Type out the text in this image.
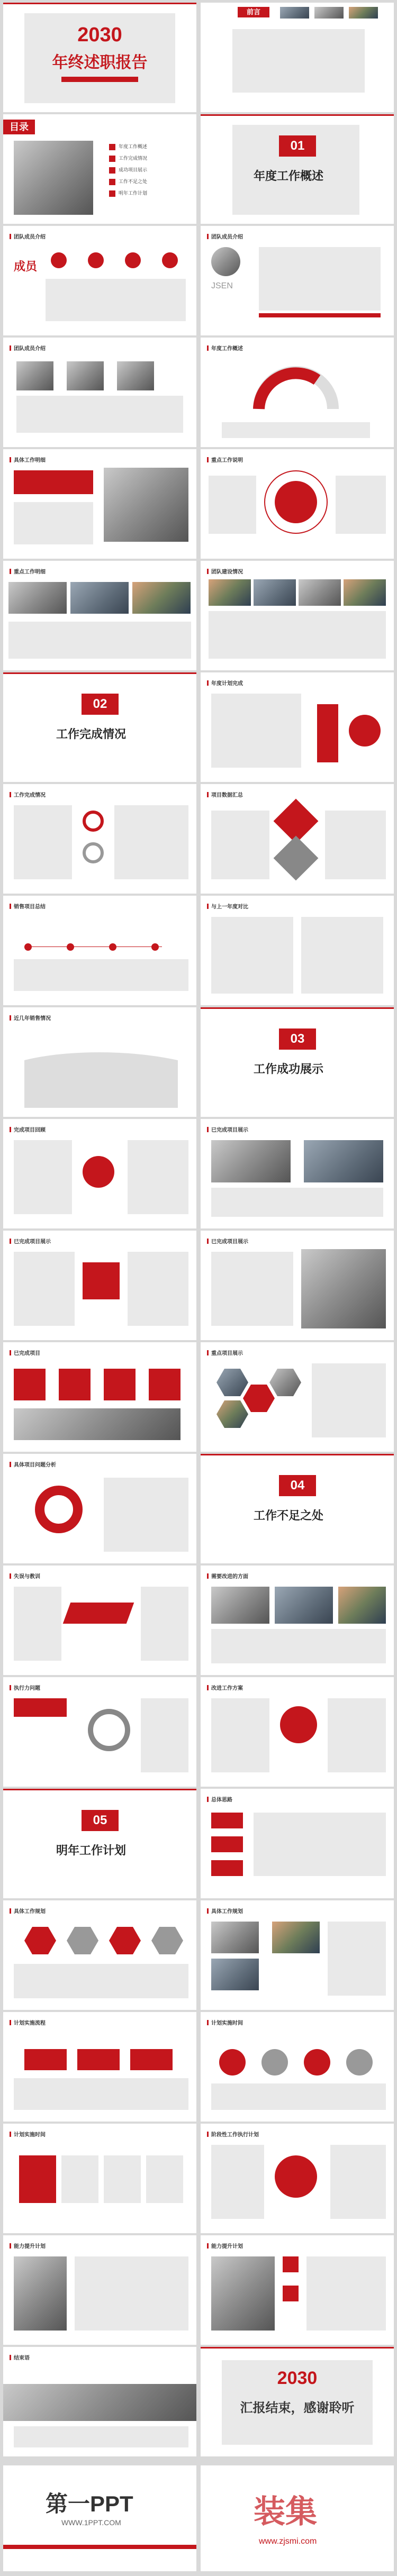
2030
年终述职报告
前言
目录
年度工作概述
工作完成情况
成功项目展示
工作不足之处
明年工作计划
01
年度工作概述
团队成员介绍
成员
团队成员介绍
JSEN
团队成员介绍	年度工作概述
具体工作明细	重点工作说明
重点工作明细	团队建设情况
02
工作完成情况
年度计划完成
工作完成情况	项目数据汇总
销售项目总结	与上一年度对比
近几年销售情况
03
工作成功展示
完成项目回顾	已完成项目展示
已完成项目展示	已完成项目展示
已完成项目	重点项目展示
具体项目问题分析
04
工作不足之处
失误与教训	需要改进的方面
执行力问题	改进工作方案
05
明年工作计划
总体思路
具体工作规划	具体工作规划
计划实施流程	计划实施时间
计划实施时间	阶段性工作执行计划
能力提升计划	能力提升计划
结束语
2030
汇报结束，感谢聆听
第一PPT
WWW.1PPT.COM	装集
www.zjsmi.com
